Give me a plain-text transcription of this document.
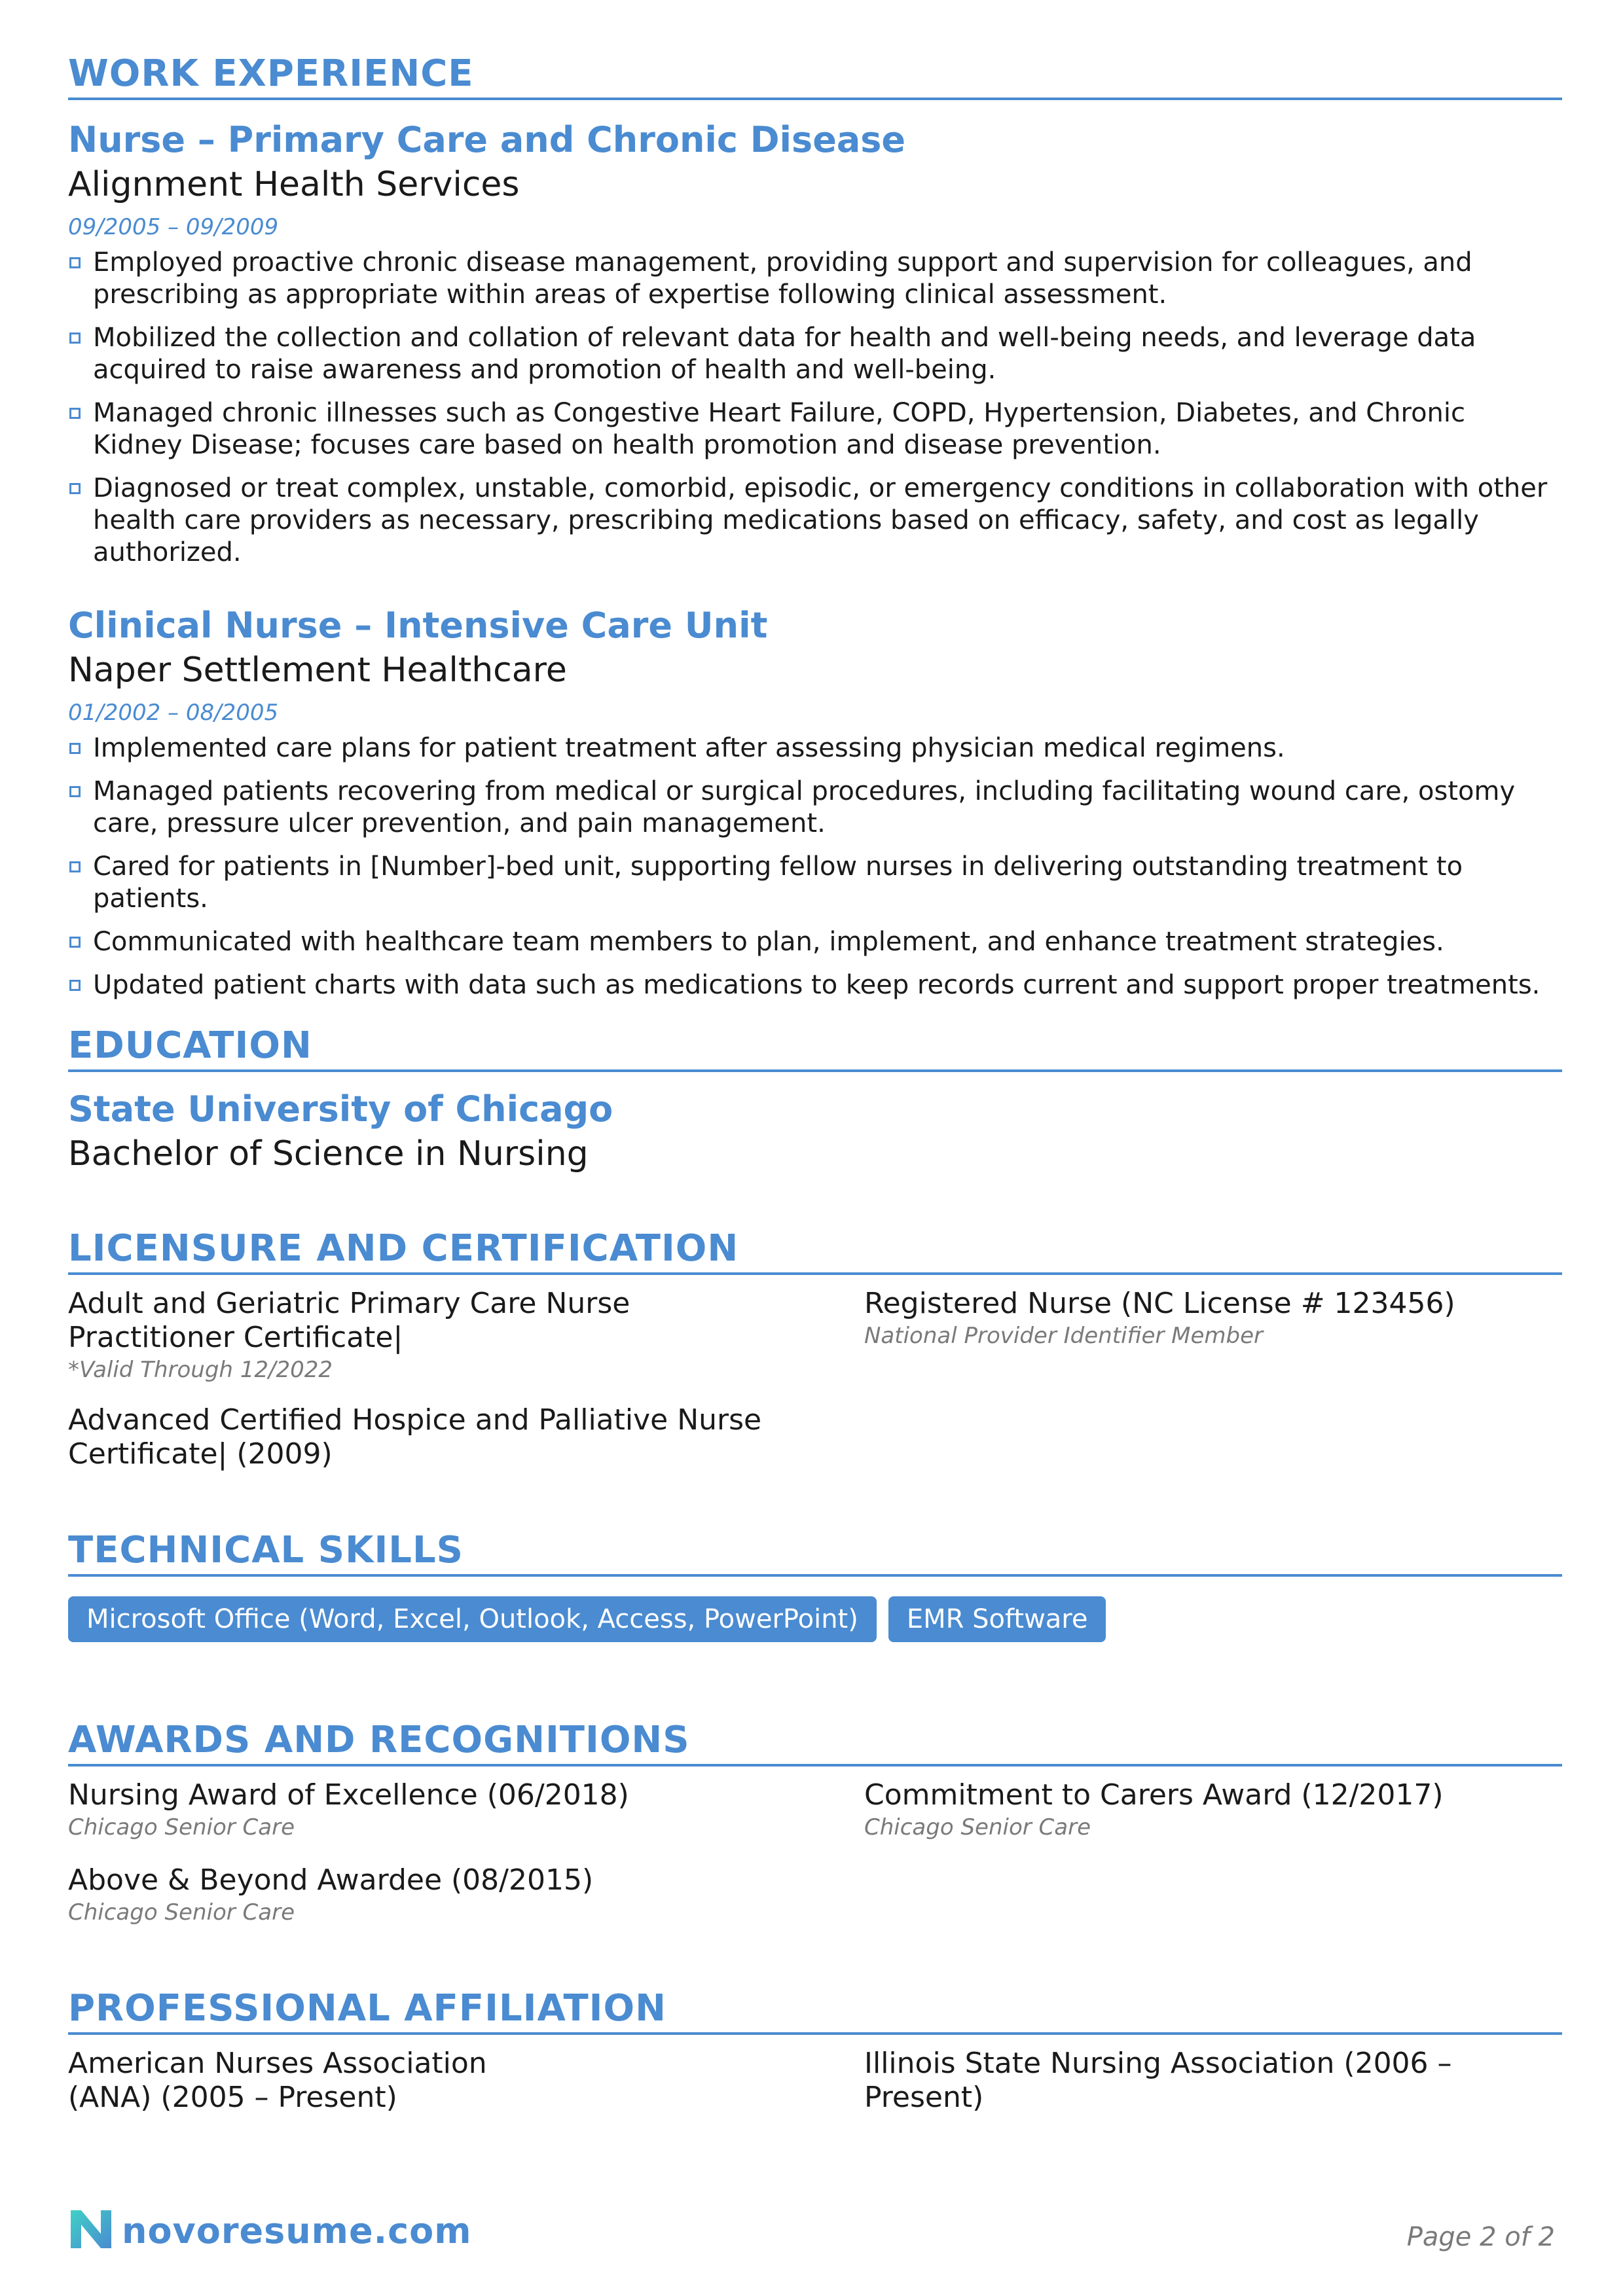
WORK EXPERIENCE
Nurse – Primary Care and Chronic Disease
Alignment Health Services
09/2005 – 09/2009
Employed proactive chronic disease management, providing support and supervision for colleagues, and prescribing as appropriate within areas of expertise following clinical assessment.
Mobilized the collection and collation of relevant data for health and well-being needs, and leverage data acquired to raise awareness and promotion of health and well-being.
Managed chronic illnesses such as Congestive Heart Failure, COPD, Hypertension, Diabetes, and Chronic Kidney Disease; focuses care based on health promotion and disease prevention.
Diagnosed or treat complex, unstable, comorbid, episodic, or emergency conditions in collaboration with other health care providers as necessary, prescribing medications based on efficacy, safety, and cost as legally authorized.
Clinical Nurse – Intensive Care Unit
Naper Settlement Healthcare
01/2002 – 08/2005
Implemented care plans for patient treatment after assessing physician medical regimens.
Managed patients recovering from medical or surgical procedures, including facilitating wound care, ostomy care, pressure ulcer prevention, and pain management.
Cared for patients in [Number]-bed unit, supporting fellow nurses in delivering outstanding treatment to patients.
Communicated with healthcare team members to plan, implement, and enhance treatment strategies.
Updated patient charts with data such as medications to keep records current and support proper treatments.
EDUCATION
State University of Chicago
Bachelor of Science in Nursing
LICENSURE AND CERTIFICATION
Adult and Geriatric Primary Care Nurse Practitioner Certificate|
*Valid Through 12/2022
Advanced Certified Hospice and Palliative Nurse Certificate| (2009)
Registered Nurse (NC License # 123456)
National Provider Identifier Member
TECHNICAL SKILLS
Microsoft Office (Word, Excel, Outlook, Access, PowerPoint) EMR Software
AWARDS AND RECOGNITIONS
Nursing Award of Excellence (06/2018)
Chicago Senior Care
Above & Beyond Awardee (08/2015)
Chicago Senior Care
Commitment to Carers Award (12/2017)
Chicago Senior Care
PROFESSIONAL AFFILIATION
American Nurses Association (ANA) (2005 – Present)
Illinois State Nursing Association (2006 – Present)
novoresume.com	Page 2 of 2
